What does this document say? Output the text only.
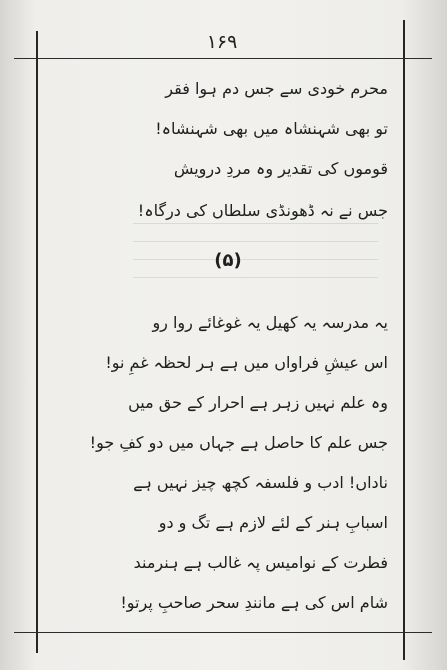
۱۶۹
محرم خودی سے جس دم ہوا فقر
تو بھی شہنشاہ میں بھی شہنشاہ!
قوموں کی تقدیر وہ مردِ درویش
جس نے نہ ڈھونڈی سلطاں کی درگاہ!
(۵)
یہ مدرسہ یہ کھیل یہ غوغائے روا رو
اس عیشِ فراواں میں ہے ہر لحظہ غمِ نو!
وہ علم نہیں زہر ہے احرار کے حق میں
جس علم کا حاصل ہے جہاں میں دو کفِ جو!
ناداں! ادب و فلسفہ کچھ چیز نہیں ہے
اسبابِ ہنر کے لئے لازم ہے تگ و دو
فطرت کے نوامیس پہ غالب ہے ہنرمند
شام اس کی ہے مانندِ سحر صاحبِ پرتو!
